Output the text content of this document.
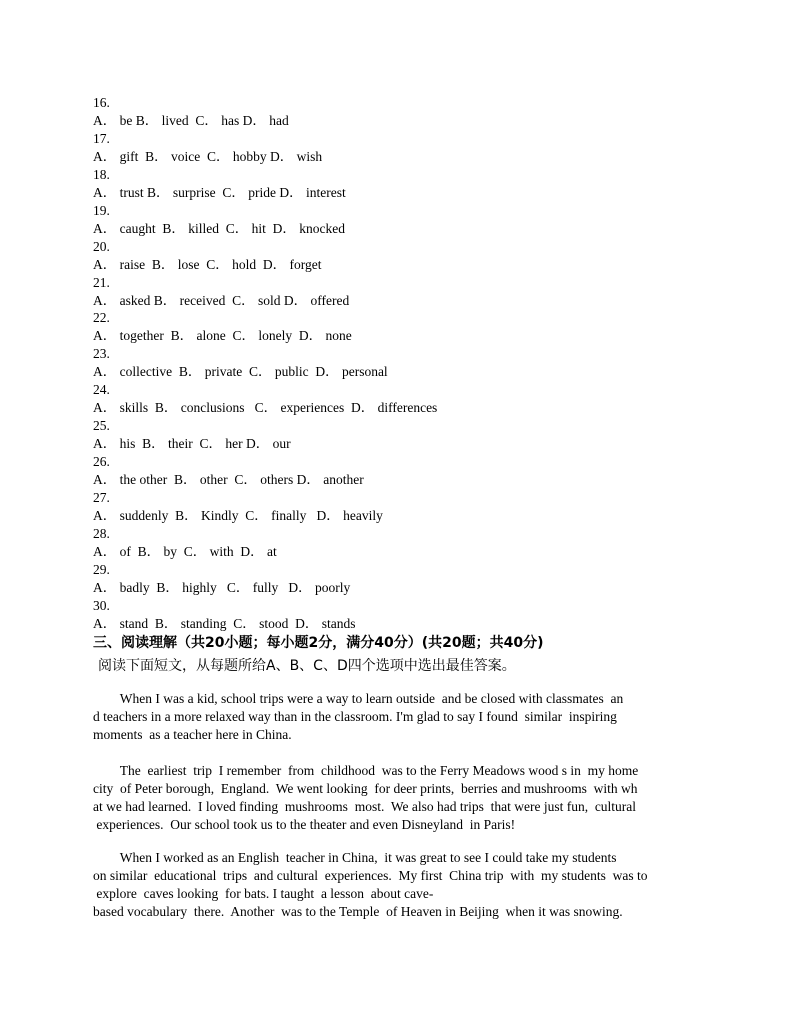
16.
A． be B． lived  C． has D． had
17.
A． gift  B． voice  C． hobby D． wish
18.
A． trust B． surprise  C． pride D． interest
19.
A． caught  B． killed  C． hit  D． knocked
20.
A． raise  B． lose  C． hold  D． forget
21.
A． asked B． received  C． sold D． offered
22.
A． together  B． alone  C． lonely  D． none
23.
A． collective  B． private  C． public  D． personal
24.
A． skills  B． conclusions   C． experiences  D． differences
25.
A． his  B． their  C． her D． our
26.
A． the other  B． other  C． others D． another
27.
A． suddenly  B． Kindly  C． finally   D． heavily
28.
A． of  B． by  C． with  D． at
29.
A． badly  B． highly   C． fully   D． poorly
30.
A． stand  B． standing  C． stood  D． stands
三、阅读理解（共20小题；每小题2分，满分40分）(共20题；共40分)
阅读下面短文，从每题所给A、B、C、D四个选项中选出最佳答案。
When I was a kid, school trips were a way to learn outside  and be closed with classmates  an
d teachers in a more relaxed way than in the classroom. I'm glad to say I found  similar  inspiring
moments  as a teacher here in China.
The  earliest  trip  I remember  from  childhood  was to the Ferry Meadows wood s in  my home
city  of Peter borough,  England.  We went looking  for deer prints,  berries and mushrooms  with wh
at we had learned.  I loved finding  mushrooms  most.  We also had trips  that were just fun,  cultural
experiences.  Our school took us to the theater and even Disneyland  in Paris!
When I worked as an English  teacher in China,  it was great to see I could take my students
on similar  educational  trips  and cultural  experiences.  My first  China trip  with  my students  was to
explore  caves looking  for bats. I taught  a lesson  about cave-
based vocabulary  there.  Another  was to the Temple  of Heaven in Beijing  when it was snowing.
